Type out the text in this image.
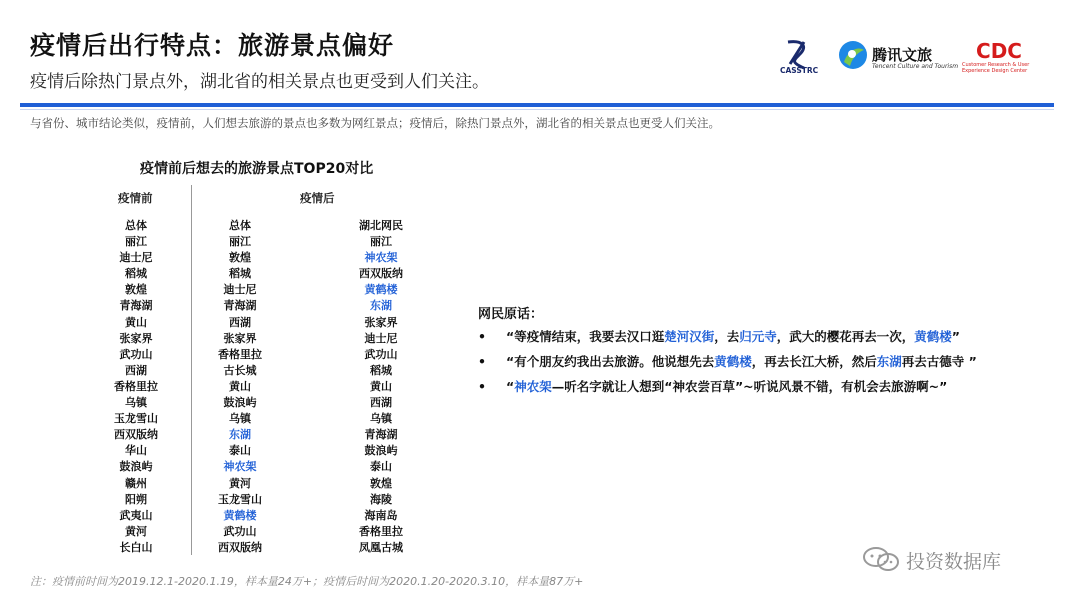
疫情后出行特点：旅游景点偏好
疫情后除热门景点外，湖北省的相关景点也更受到人们关注。
CASSTRC
腾讯文旅
Tencent Culture and Tourism
CDC
Customer Research & User Experience Design Center
与省份、城市结论类似，疫情前，人们想去旅游的景点也多数为网红景点；疫情后，除热门景点外，湖北省的相关景点也更受人们关注。
疫情前后想去的旅游景点TOP20对比
疫情前	疫情后
总体
丽江
迪士尼
稻城
敦煌
青海湖
黄山
张家界
武功山
西湖
香格里拉
乌镇
玉龙雪山
西双版纳
华山
鼓浪屿
赣州
阳朔
武夷山
黄河
长白山
总体
丽江
敦煌
稻城
迪士尼
青海湖
西湖
张家界
香格里拉
古长城
黄山
鼓浪屿
乌镇
东湖
泰山
神农架
黄河
玉龙雪山
黄鹤楼
武功山
西双版纳
湖北网民
丽江
神农架
西双版纳
黄鹤楼
东湖
张家界
迪士尼
武功山
稻城
黄山
西湖
乌镇
青海湖
鼓浪屿
泰山
敦煌
海陵
海南岛
香格里拉
凤凰古城
网民原话：
• “等疫情结束，我要去汉口逛楚河汉街，去归元寺，武大的樱花再去一次，黄鹤楼”
• “有个朋友约我出去旅游。他说想先去黄鹤楼，再去长江大桥，然后东湖再去古德寺 ”
• “神农架—听名字就让人想到“神农尝百草”~听说风景不错，有机会去旅游啊~”
注：疫情前时间为2019.12.1-2020.1.19，样本量24万+；疫情后时间为2020.1.20-2020.3.10，样本量87万+
投资数据库
